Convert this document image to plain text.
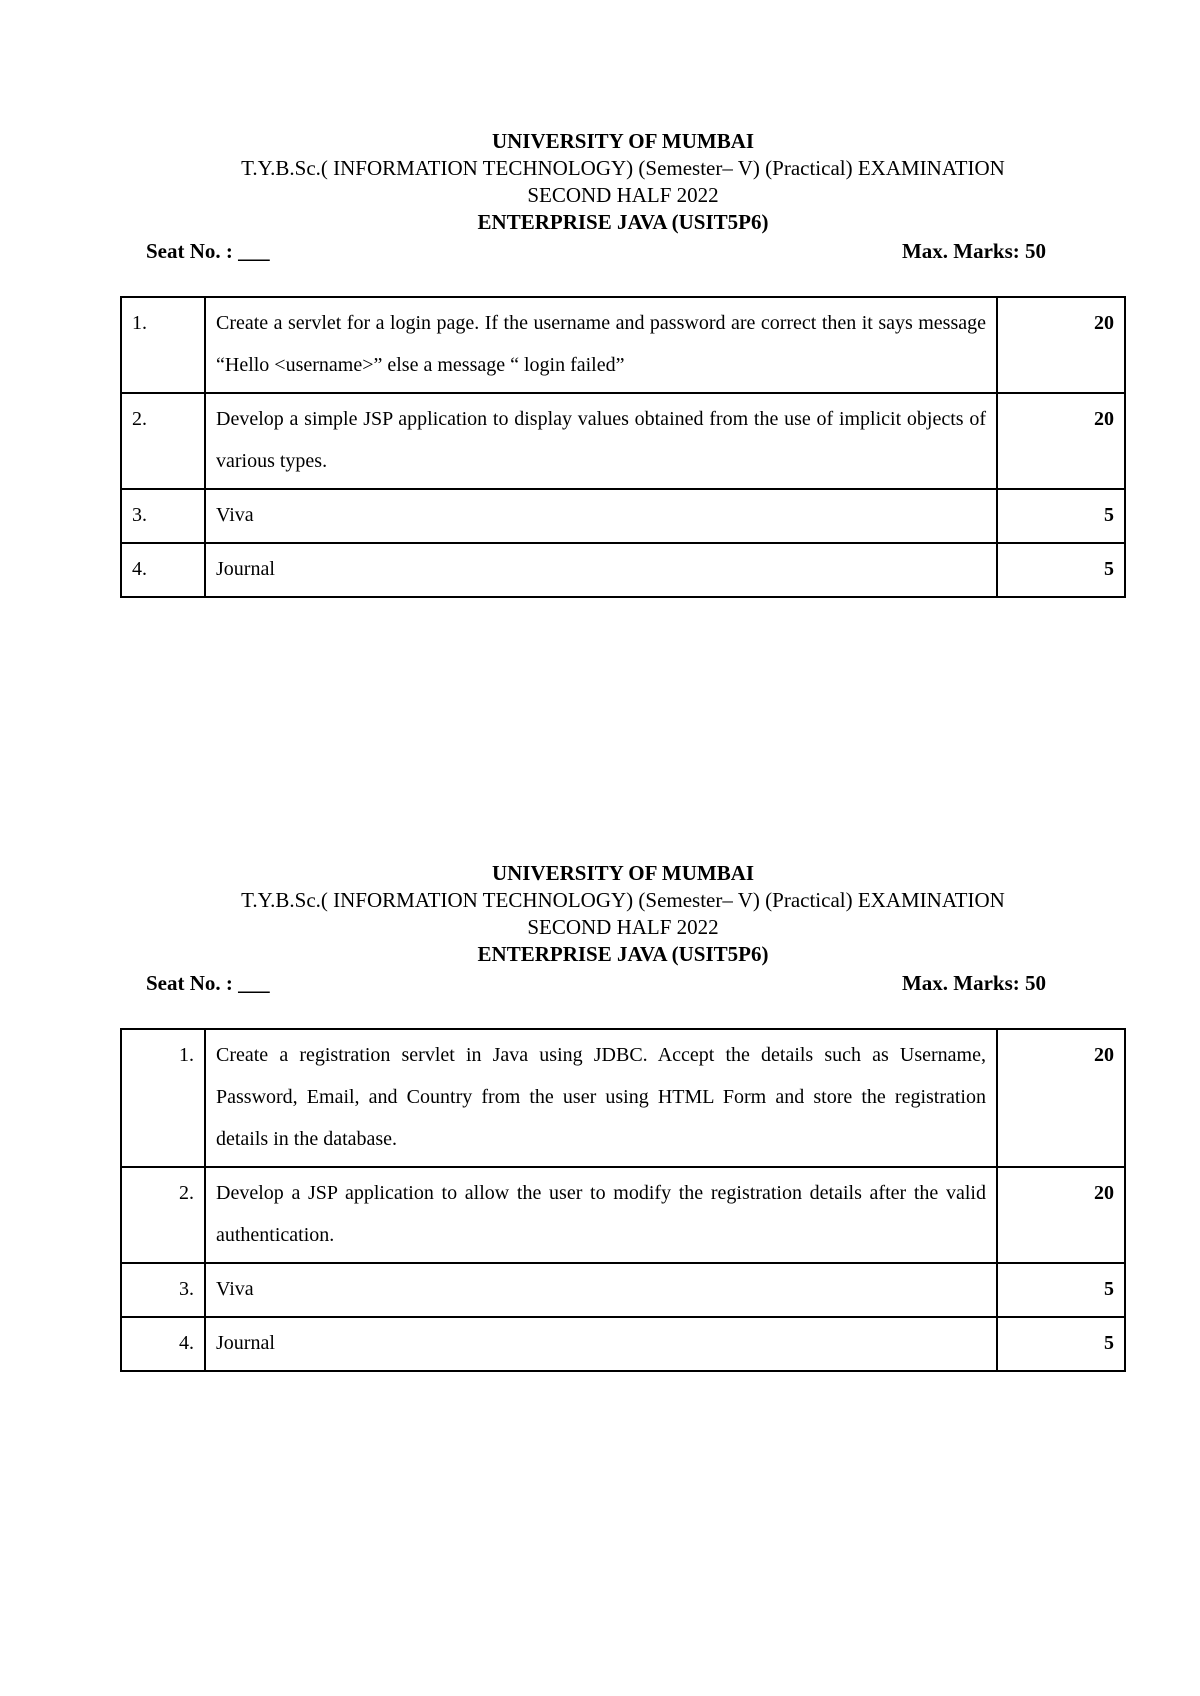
UNIVERSITY OF MUMBAI
T.Y.B.Sc.( INFORMATION TECHNOLOGY) (Semester– V) (Practical) EXAMINATION
SECOND HALF 2022
ENTERPRISE JAVA (USIT5P6)
Seat No. : ___	Max. Marks: 50
1.	Create a servlet for a login page. If the username and password are correct then it says message “Hello <username>” else a message “ login failed”	20
2.	Develop a simple JSP application to display values obtained from the use of implicit objects of various types.	20
3.	Viva	5
4.	Journal	5
UNIVERSITY OF MUMBAI
T.Y.B.Sc.( INFORMATION TECHNOLOGY) (Semester– V) (Practical) EXAMINATION
SECOND HALF 2022
ENTERPRISE JAVA (USIT5P6)
Seat No. : ___	Max. Marks: 50
1.	Create a registration servlet in Java using JDBC. Accept the details such as Username, Password, Email, and Country from the user using HTML Form and store the registration details in the database.	20
2.	Develop a JSP application to allow the user to modify the registration details after the valid authentication.	20
3.	Viva	5
4.	Journal	5
